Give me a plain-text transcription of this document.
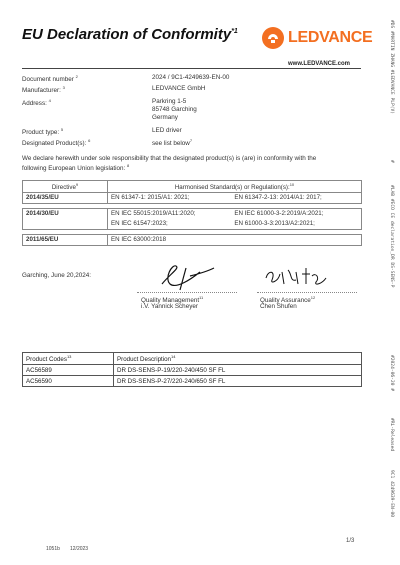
EU Declaration of Conformity$^{*1}$	LEDVANCE
www.LEDVANCE.com
Document number $^2$	2024 / 9C1-4249639-EN-00
Manufacturer: $^3$	LEDVANCE GmbH
Address: $^4$	Parkring 1-5
85748 Garching
Germany
Product type: $^5$	LED driver
Designated Product(s): $^6$	see list below$^7$
We declare herewith under sole responsibility that the designated product(s) is (are) in conformity with the
following European Union legislation: $^8$
Directive$^9$	Harmonised Standard(s) or Regulation(s):$^{10}$
2014/35/EU	EN 61347-1: 2015/A1: 2021;	EN 61347-2-13: 2014/A1: 2017;

2014/30/EU	EN IEC 55015:2019/A11:2020;	EN IEC 61000-3-2:2019/A:2021;
	EN IEC 61547:2023;	EN 61000-3-3:2013/A2:2021;

2011/65/EU	EN IEC 63000:2018	
Garching, June 20,2024:
Quality Management$^{11}$
i.V. Yannick Scheyer
Quality Assurance$^{12}$
Chen Shufen
Product Codes$^{13}$	Product Description$^{14}$
AC56589	DR DS-SENS-P-19/220-240/450 SF FL
AC56590	DR DS-SENS-P-27/220-240/650 SF FL
#DS #MARTIN ZHANG #LEDVANCE PLP(V)
#
#LAB #ECO CE declaration_DR DS-SENS-P
#2024-06-20 #
#RL-Released
9C1 4249639-EN-00
1051b 12/2023
1/3
